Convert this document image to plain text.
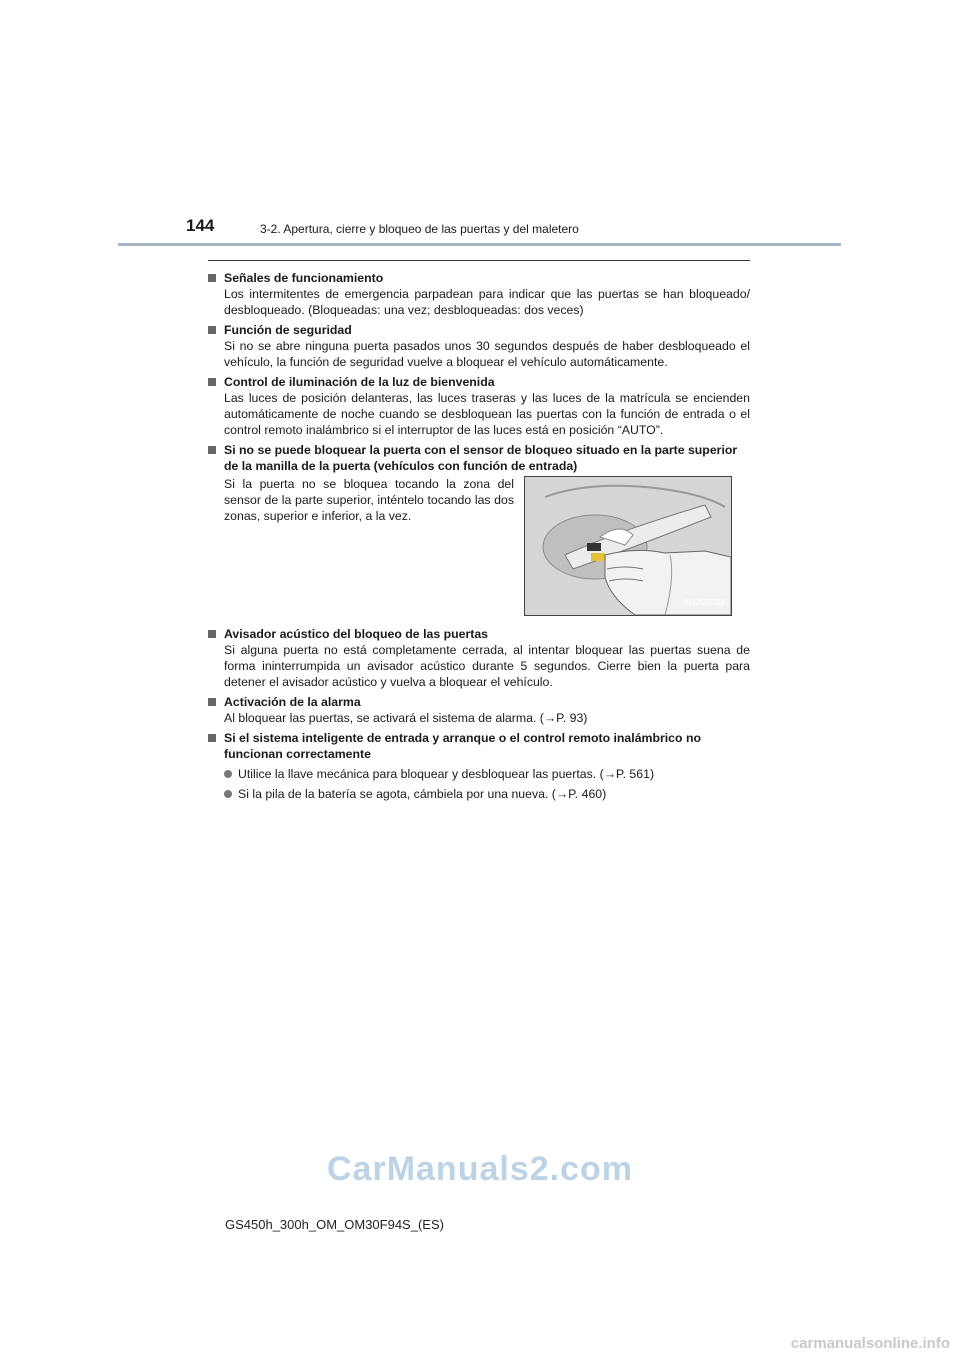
144	3-2. Apertura, cierre y bloqueo de las puertas y del maletero
Señales de funcionamiento
Los intermitentes de emergencia parpadean para indicar que las puertas se han bloqueado/ desbloqueado. (Bloqueadas: una vez; desbloqueadas: dos veces)
Función de seguridad
Si no se abre ninguna puerta pasados unos 30 segundos después de haber desbloqueado el vehículo, la función de seguridad vuelve a bloquear el vehículo automáticamente.
Control de iluminación de la luz de bienvenida
Las luces de posición delanteras, las luces traseras y las luces de la matrícula se encienden automáticamente de noche cuando se desbloquean las puertas con la función de entrada o el control remoto inalámbrico si el interruptor de las luces está en posición “AUTO”.
Si no se puede bloquear la puerta con el sensor de bloqueo situado en la parte superior de la manilla de la puerta (vehículos con función de entrada)
Si la puerta no se bloquea tocando la zona del sensor de la parte superior, inténtelo tocando las dos zonas, superior e inferior, a la vez.
IN32GS198
Avisador acústico del bloqueo de las puertas
Si alguna puerta no está completamente cerrada, al intentar bloquear las puertas suena de forma ininterrumpida un avisador acústico durante 5 segundos. Cierre bien la puerta para detener el avisador acústico y vuelva a bloquear el vehículo.
Activación de la alarma
Al bloquear las puertas, se activará el sistema de alarma. (→P. 93)
Si el sistema inteligente de entrada y arranque o el control remoto inalámbrico no funcionan correctamente
Utilice la llave mecánica para bloquear y desbloquear las puertas. (→P. 561)
Si la pila de la batería se agota, cámbiela por una nueva. (→P. 460)
CarManuals2.com
GS450h_300h_OM_OM30F94S_(ES)
carmanualsonline.info
